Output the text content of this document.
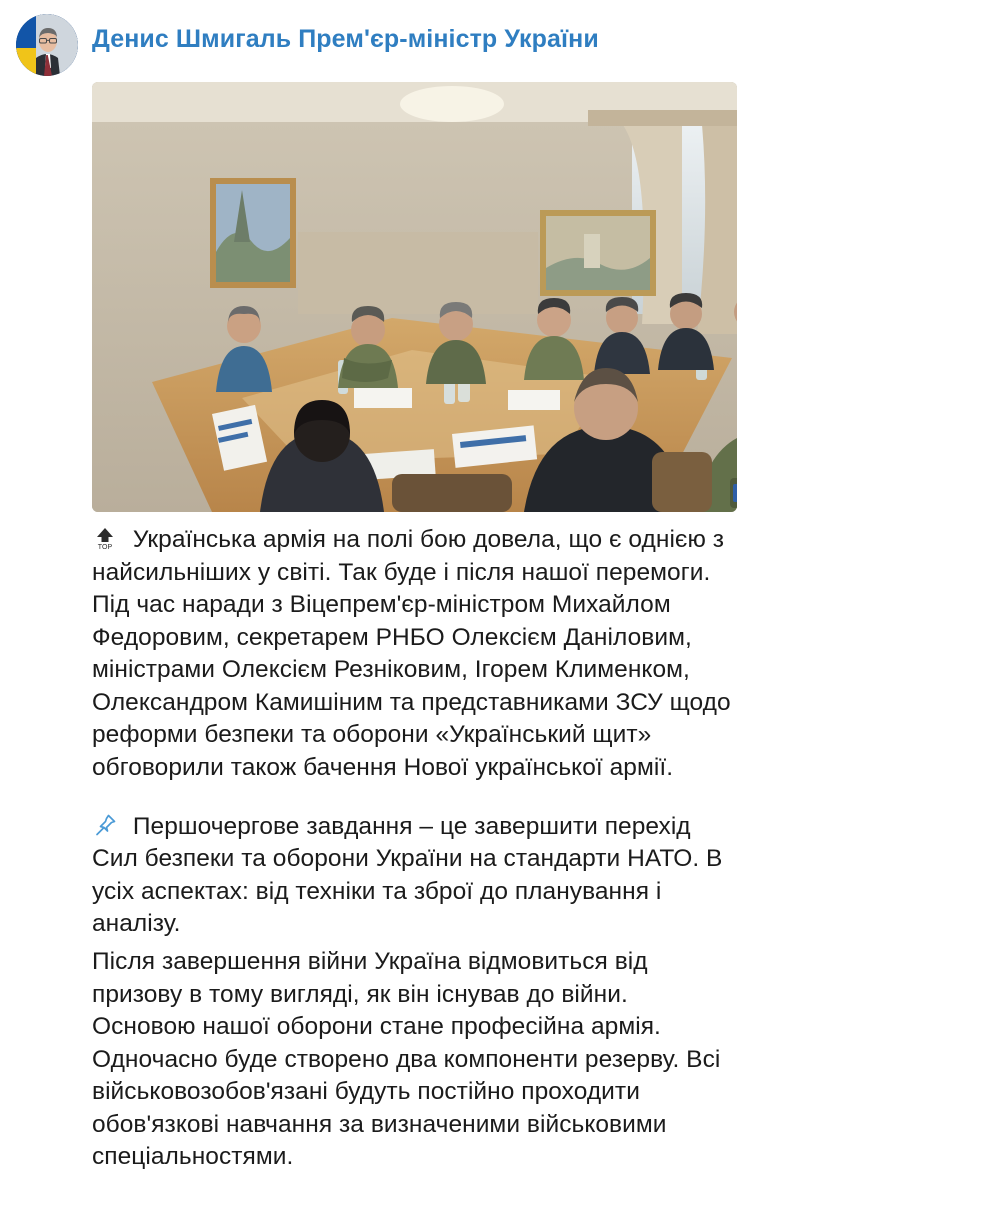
Денис Шмигаль Прем'єр-міністр України

TOP Українська армія на полі бою довела, що є однією з найсильніших у світі. Так буде і після нашої перемоги. Під час наради з Віцепрем'єр-міністром Михайлом Федоровим, секретарем РНБО Олексієм Даніловим, міністрами Олексієм Резніковим, Ігорем Клименком, Олександром Камишіним та представниками ЗСУ щодо реформи безпеки та оборони «Український щит» обговорили також бачення Нової української армії.

Першочергове завдання – це завершити перехід Сил безпеки та оборони України на стандарти НАТО. В усіх аспектах: від техніки та зброї до планування і аналізу.

Після завершення війни Україна відмовиться від призову в тому вигляді, як він існував до війни. Основою нашої оборони стане професійна армія. Одночасно буде створено два компоненти резерву. Всі військовозобов'язані будуть постійно проходити обов'язкові навчання за визначеними військовими спеціальностями.
